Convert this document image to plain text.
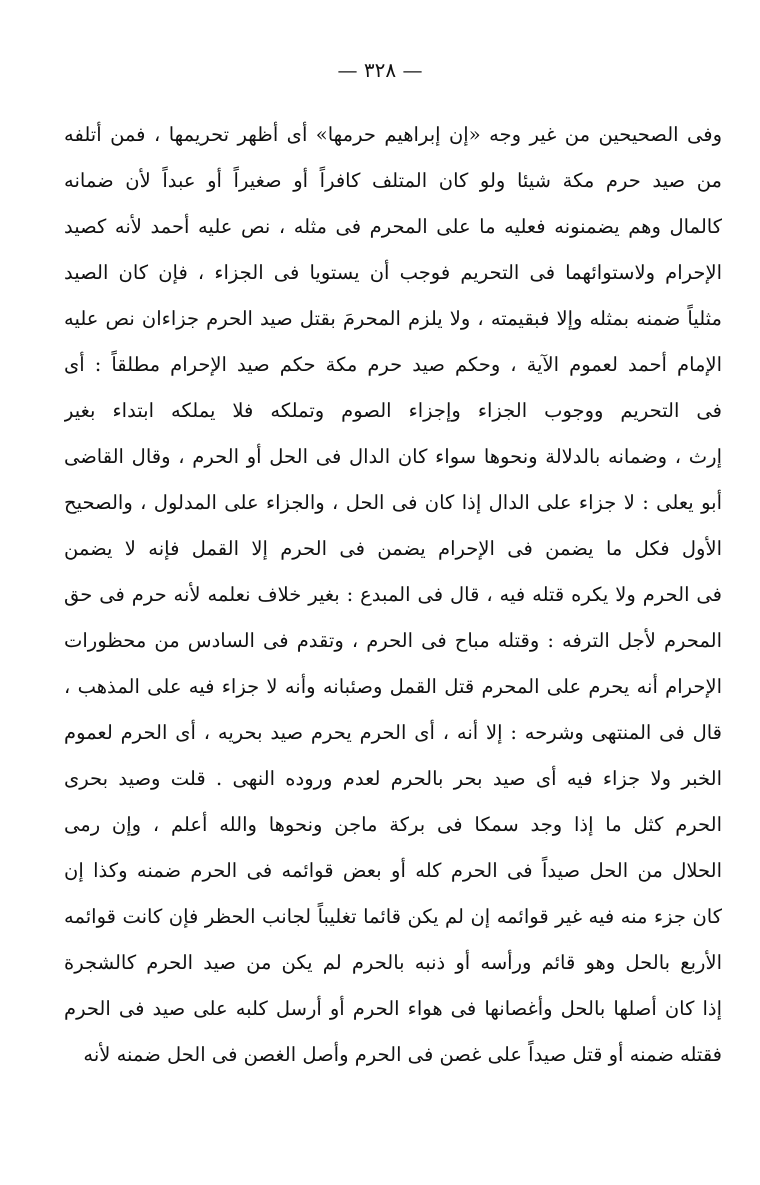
— ٣٢٨ —
وفى الصحيحين من غير وجه «إن إبراهيم حرمها» أى أظهر تحريمها ، فمن أتلفه
من صيد حرم مكة شيئا ولو كان المتلف كافراً أو صغيراً أو عبداً لأن ضمانه
كالمال وهم يضمنونه فعليه ما على المحرم فى مثله ، نص عليه أحمد لأنه كصيد
الإحرام ولاستوائهما فى التحريم فوجب أن يستويا فى الجزاء ، فإن كان الصيد
مثلياً ضمنه بمثله وإلا فبقيمته ، ولا يلزم المحرمَ بقتل صيد الحرم جزاءان نص عليه
الإمام أحمد لعموم الآية ، وحكم صيد حرم مكة حكم صيد الإحرام مطلقاً : أى
فى التحريم ووجوب الجزاء وإجزاء الصوم وتملكه فلا يملكه ابتداء بغير
إرث ، وضمانه بالدلالة ونحوها سواء كان الدال فى الحل أو الحرم ، وقال القاضى
أبو يعلى : لا جزاء على الدال إذا كان فى الحل ، والجزاء على المدلول ، والصحيح
الأول فكل ما يضمن فى الإحرام يضمن فى الحرم إلا القمل فإنه لا يضمن
فى الحرم ولا يكره قتله فيه ، قال فى المبدع : بغير خلاف نعلمه لأنه حرم فى حق
المحرم لأجل الترفه : وقتله مباح فى الحرم ، وتقدم فى السادس من محظورات
الإحرام أنه يحرم على المحرم قتل القمل وصئبانه وأنه لا جزاء فيه على المذهب ،
قال فى المنتهى وشرحه : إلا أنه ، أى الحرم يحرم صيد بحريه ، أى الحرم لعموم
الخبر ولا جزاء فيه أى صيد بحر بالحرم لعدم وروده النهى . قلت وصيد بحرى
الحرم كثل ما إذا وجد سمكا فى بركة ماجن ونحوها والله أعلم ، وإن رمى
الحلال من الحل صيداً فى الحرم كله أو بعض قوائمه فى الحرم ضمنه وكذا إن
كان جزء منه فيه غير قوائمه إن لم يكن قائما تغليباً لجانب الحظر فإن كانت قوائمه
الأربع بالحل وهو قائم ورأسه أو ذنبه بالحرم لم يكن من صيد الحرم كالشجرة
إذا كان أصلها بالحل وأغصانها فى هواء الحرم أو أرسل كلبه على صيد فى الحرم
فقتله ضمنه أو قتل صيداً على غصن فى الحرم وأصل الغصن فى الحل ضمنه لأنه
